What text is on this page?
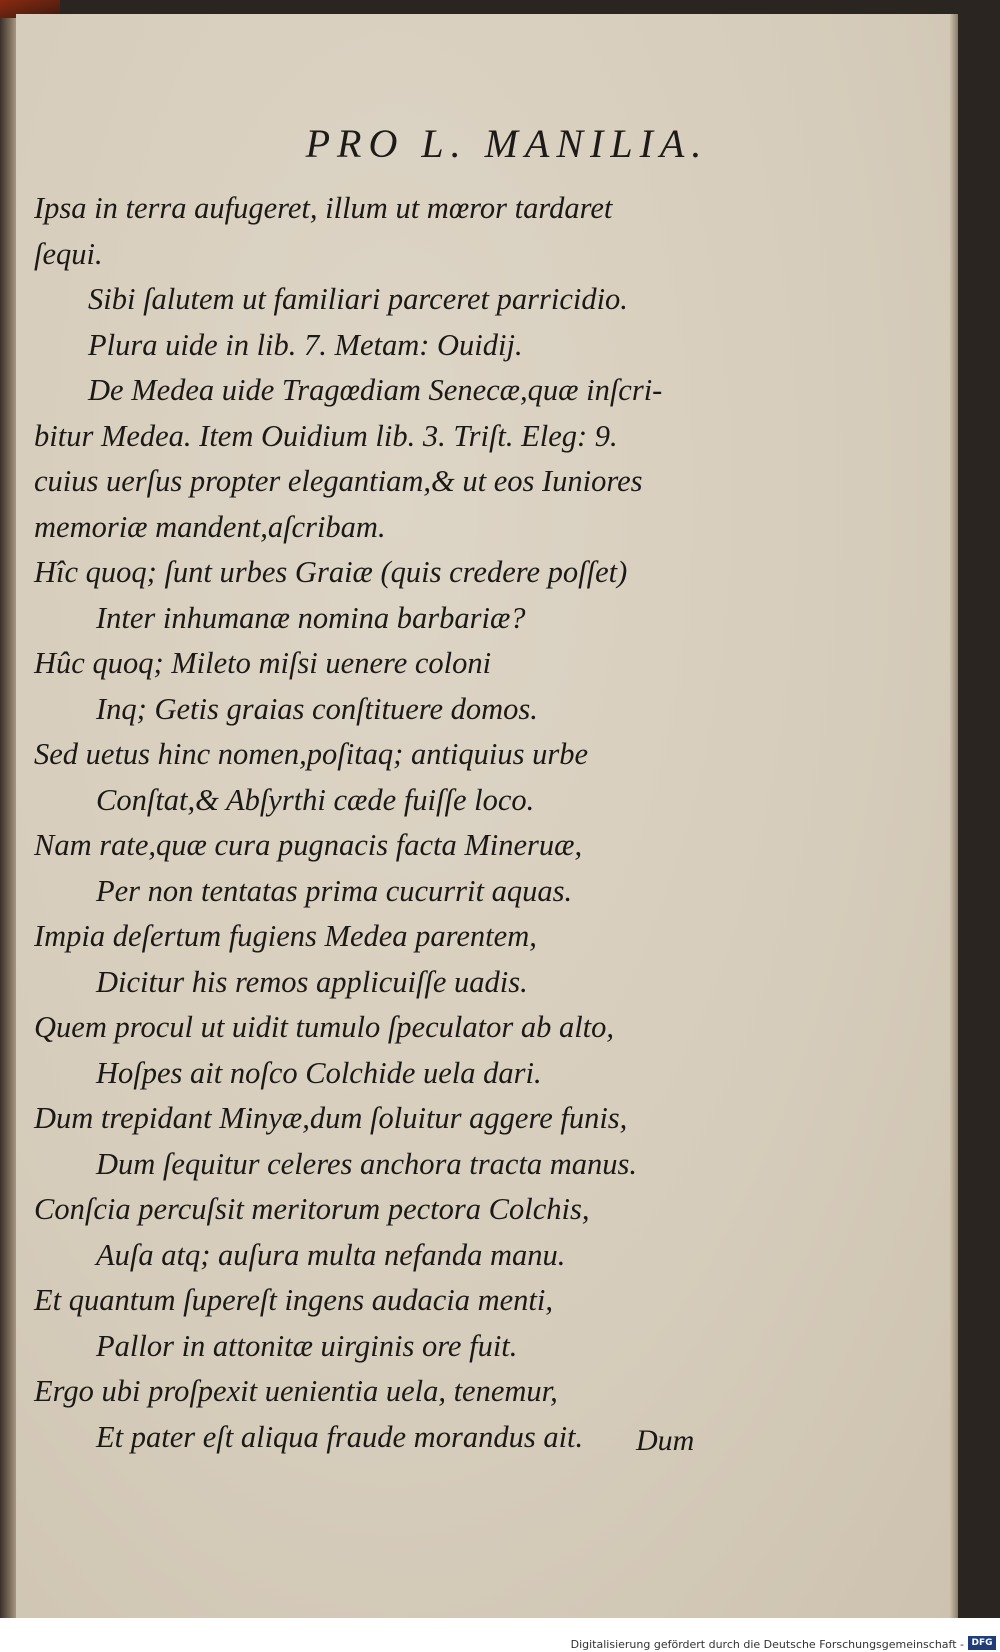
PRO L. MANILIA.
Ipsa in terra aufugeret, illum ut mœror tardaret
ſequi.
Sibi ſalutem ut familiari parceret parricidio.
Plura uide in lib. 7. Metam: Ouidij.
De Medea uide Tragœdiam Senecæ,quæ inſcri-
bitur Medea. Item Ouidium lib. 3. Triſt. Eleg: 9.
cuius uerſus propter elegantiam,& ut eos Iuniores
memoriæ mandent,aſcribam.
Hîc quoq; ſunt urbes Graiæ (quis credere poſſet)
Inter inhumanæ nomina barbariæ?
Hûc quoq; Mileto miſsi uenere coloni
Inq; Getis graias conſtituere domos.
Sed uetus hinc nomen,poſitaq; antiquius urbe
Conſtat,& Abſyrthi cæde fuiſſe loco.
Nam rate,quæ cura pugnacis facta Mineruæ,
Per non tentatas prima cucurrit aquas.
Impia deſertum fugiens Medea parentem,
Dicitur his remos applicuiſſe uadis.
Quem procul ut uidit tumulo ſpeculator ab alto,
Hoſpes ait noſco Colchide uela dari.
Dum trepidant Minyæ,dum ſoluitur aggere funis,
Dum ſequitur celeres anchora tracta manus.
Conſcia percuſsit meritorum pectora Colchis,
Auſa atq; auſura multa nefanda manu.
Et quantum ſupereſt ingens audacia menti,
Pallor in attonitæ uirginis ore fuit.
Ergo ubi proſpexit uenientia uela, tenemur,
Et pater eſt aliqua fraude morandus ait.	Dum
Digitalisierung gefördert durch die Deutsche Forschungsgemeinschaft - DFG
